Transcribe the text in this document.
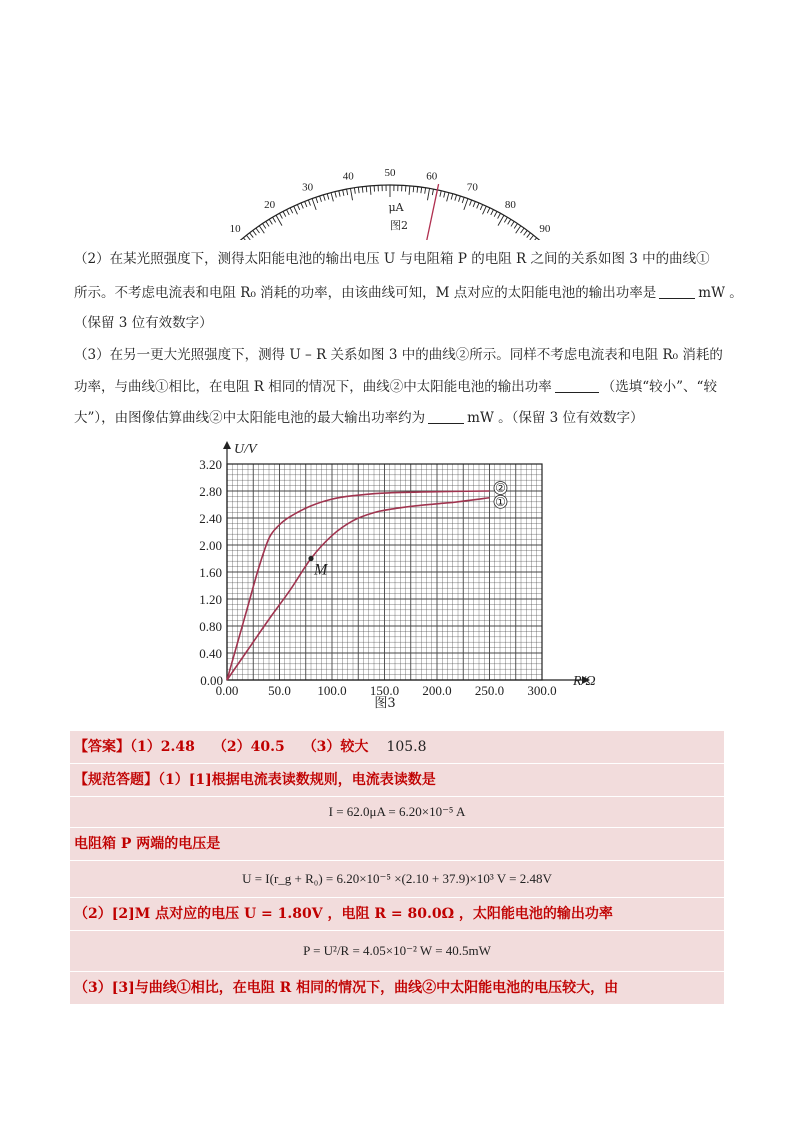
10
20
30
40	50	60
70
80
90
μA
图2
（2）在某光照强度下，测得太阳能电池的输出电压 U 与电阻箱 P 的电阻 R 之间的关系如图 3 中的曲线①
所示。不考虑电流表和电阻 R₀ 消耗的功率，由该曲线可知，M 点对应的太阳能电池的输出功率是	mW 。
（保留 3 位有效数字）
（3）在另一更大光照强度下，测得 U – R 关系如图 3 中的曲线②所示。同样不考虑电流表和电阻 R₀ 消耗的
功率，与曲线①相比，在电阻 R 相同的情况下，曲线②中太阳能电池的输出功率	（选填“较小”、“较
大”），由图像估算曲线②中太阳能电池的最大输出功率约为	mW 。（保留 3 位有效数字）
0.00 50.0 100.0 150.0 200.0 250.0 300.0
0.00
0.40
0.80
1.20
1.60
2.00
2.40
2.80
3.20
R/Ω
U/V
①
②
M
图3
【答案】（1）2.48 （2）40.5 （3）较大 105.8
【规范答题】（1）[1]根据电流表读数规则，电流表读数是
I = 62.0μA = 6.20×10⁻⁵ A
电阻箱 P 两端的电压是
U = I(r_g + R₀) = 6.20×10⁻⁵ ×(2.10 + 37.9)×10³ V = 2.48V
（2）[2]M 点对应的电压 U = 1.80V ，电阻 R = 80.0Ω ，太阳能电池的输出功率
P = U²/R = 4.05×10⁻² W = 40.5mW
（3）[3]与曲线①相比，在电阻 R 相同的情况下，曲线②中太阳能电池的电压较大，由
